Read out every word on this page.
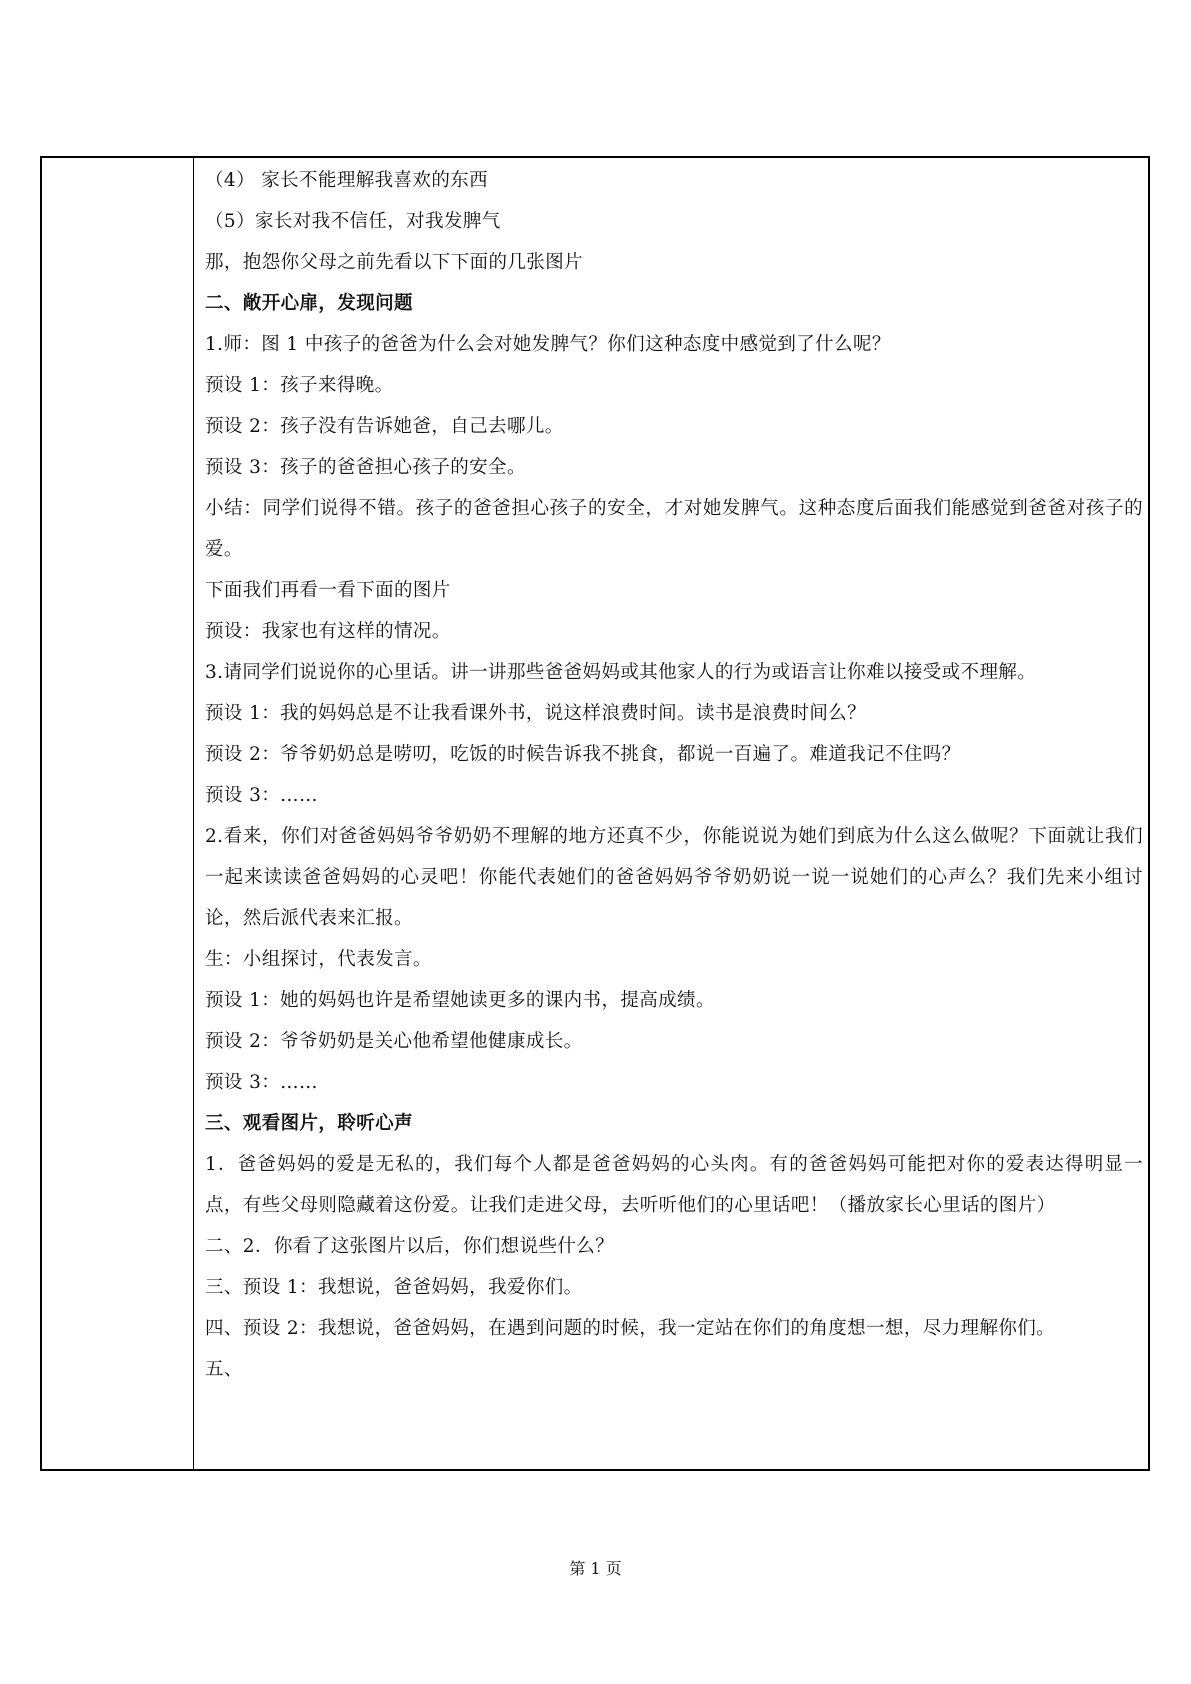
（4） 家长不能理解我喜欢的东西
（5）家长对我不信任，对我发脾气
那，抱怨你父母之前先看以下下面的几张图片
二、敞开心扉，发现问题
1.师：图 1 中孩子的爸爸为什么会对她发脾气？你们这种态度中感觉到了什么呢？
预设 1：孩子来得晚。
预设 2：孩子没有告诉她爸，自己去哪儿。
预设 3：孩子的爸爸担心孩子的安全。
小结：同学们说得不错。孩子的爸爸担心孩子的安全，才对她发脾气。这种态度后面我们能感觉到爸爸对孩子的爱。
下面我们再看一看下面的图片
预设：我家也有这样的情况。
3.请同学们说说你的心里话。讲一讲那些爸爸妈妈或其他家人的行为或语言让你难以接受或不理解。
预设 1：我的妈妈总是不让我看课外书，说这样浪费时间。读书是浪费时间么？
预设 2：爷爷奶奶总是唠叨，吃饭的时候告诉我不挑食，都说一百遍了。难道我记不住吗？
预设 3：……
2.看来，你们对爸爸妈妈爷爷奶奶不理解的地方还真不少，你能说说为她们到底为什么这么做呢？下面就让我们一起来读读爸爸妈妈的心灵吧！你能代表她们的爸爸妈妈爷爷奶奶说一说一说她们的心声么？我们先来小组讨论，然后派代表来汇报。
生：小组探讨，代表发言。
预设 1：她的妈妈也许是希望她读更多的课内书，提高成绩。
预设 2：爷爷奶奶是关心他希望他健康成长。
预设 3：……
三、观看图片，聆听心声
1．爸爸妈妈的爱是无私的，我们每个人都是爸爸妈妈的心头肉。有的爸爸妈妈可能把对你的爱表达得明显一点，有些父母则隐藏着这份爱。让我们走进父母，去听听他们的心里话吧！（播放家长心里话的图片）
二、2．你看了这张图片以后，你们想说些什么？
三、预设 1：我想说，爸爸妈妈，我爱你们。
四、预设 2：我想说，爸爸妈妈，在遇到问题的时候，我一定站在你们的角度想一想，尽力理解你们。
五、
第 1 页
